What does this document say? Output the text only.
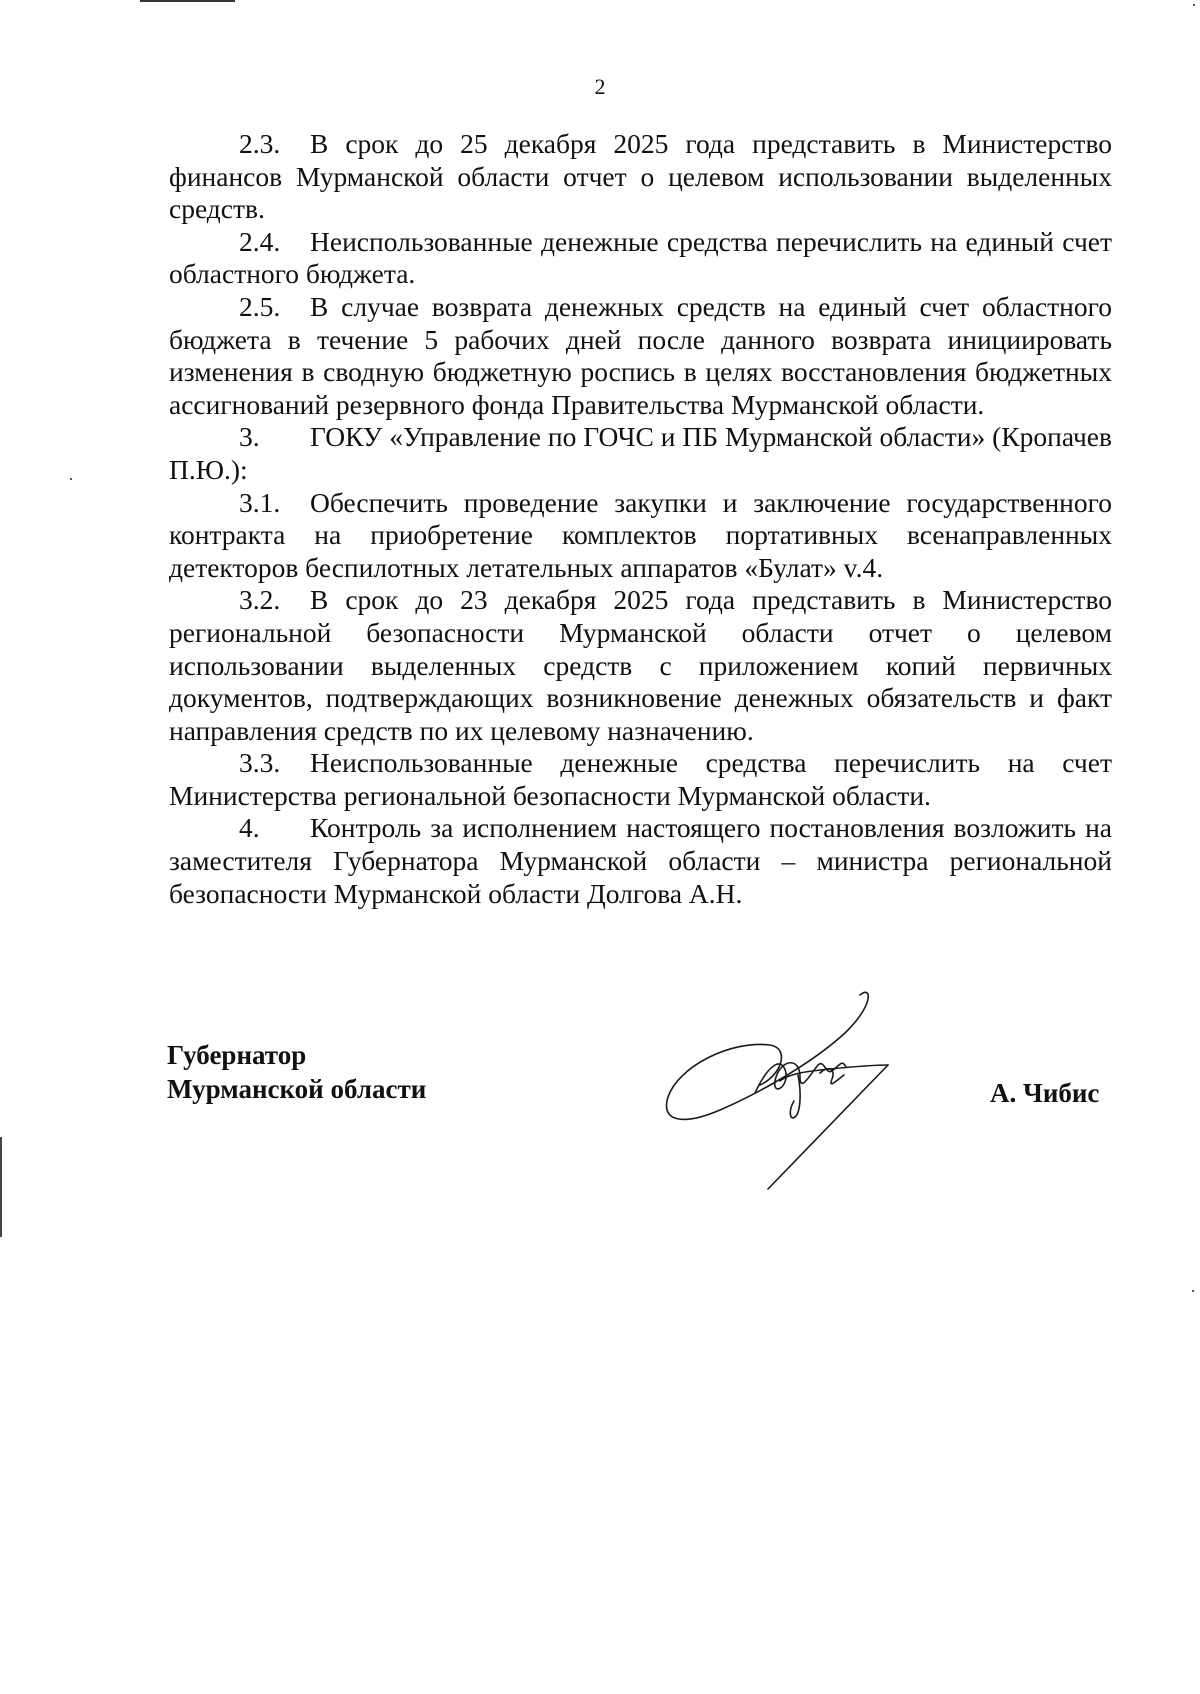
2

2.3. В срок до 25 декабря 2025 года представить в Министерство финансов Мурманской области отчет о целевом использовании выделенных средств.

2.4. Неиспользованные денежные средства перечислить на единый счет областного бюджета.

2.5. В случае возврата денежных средств на единый счет областного бюджета в течение 5 рабочих дней после данного возврата инициировать изменения в сводную бюджетную роспись в целях восстановления бюджетных ассигнований резервного фонда Правительства Мурманской области.

3. ГОКУ «Управление по ГОЧС и ПБ Мурманской области» (Кропачев П.Ю.):

3.1. Обеспечить проведение закупки и заключение государственного контракта на приобретение комплектов портативных всенаправленных детекторов беспилотных летательных аппаратов «Булат» v.4.

3.2. В срок до 23 декабря 2025 года представить в Министерство региональной безопасности Мурманской области отчет о целевом использовании выделенных средств с приложением копий первичных документов, подтверждающих возникновение денежных обязательств и факт направления средств по их целевому назначению.

3.3. Неиспользованные денежные средства перечислить на счет Министерства региональной безопасности Мурманской области.

4. Контроль за исполнением настоящего постановления возложить на заместителя Губернатора Мурманской области – министра региональной безопасности Мурманской области Долгова А.Н.

Губернатор
Мурманской области	А. Чибис
